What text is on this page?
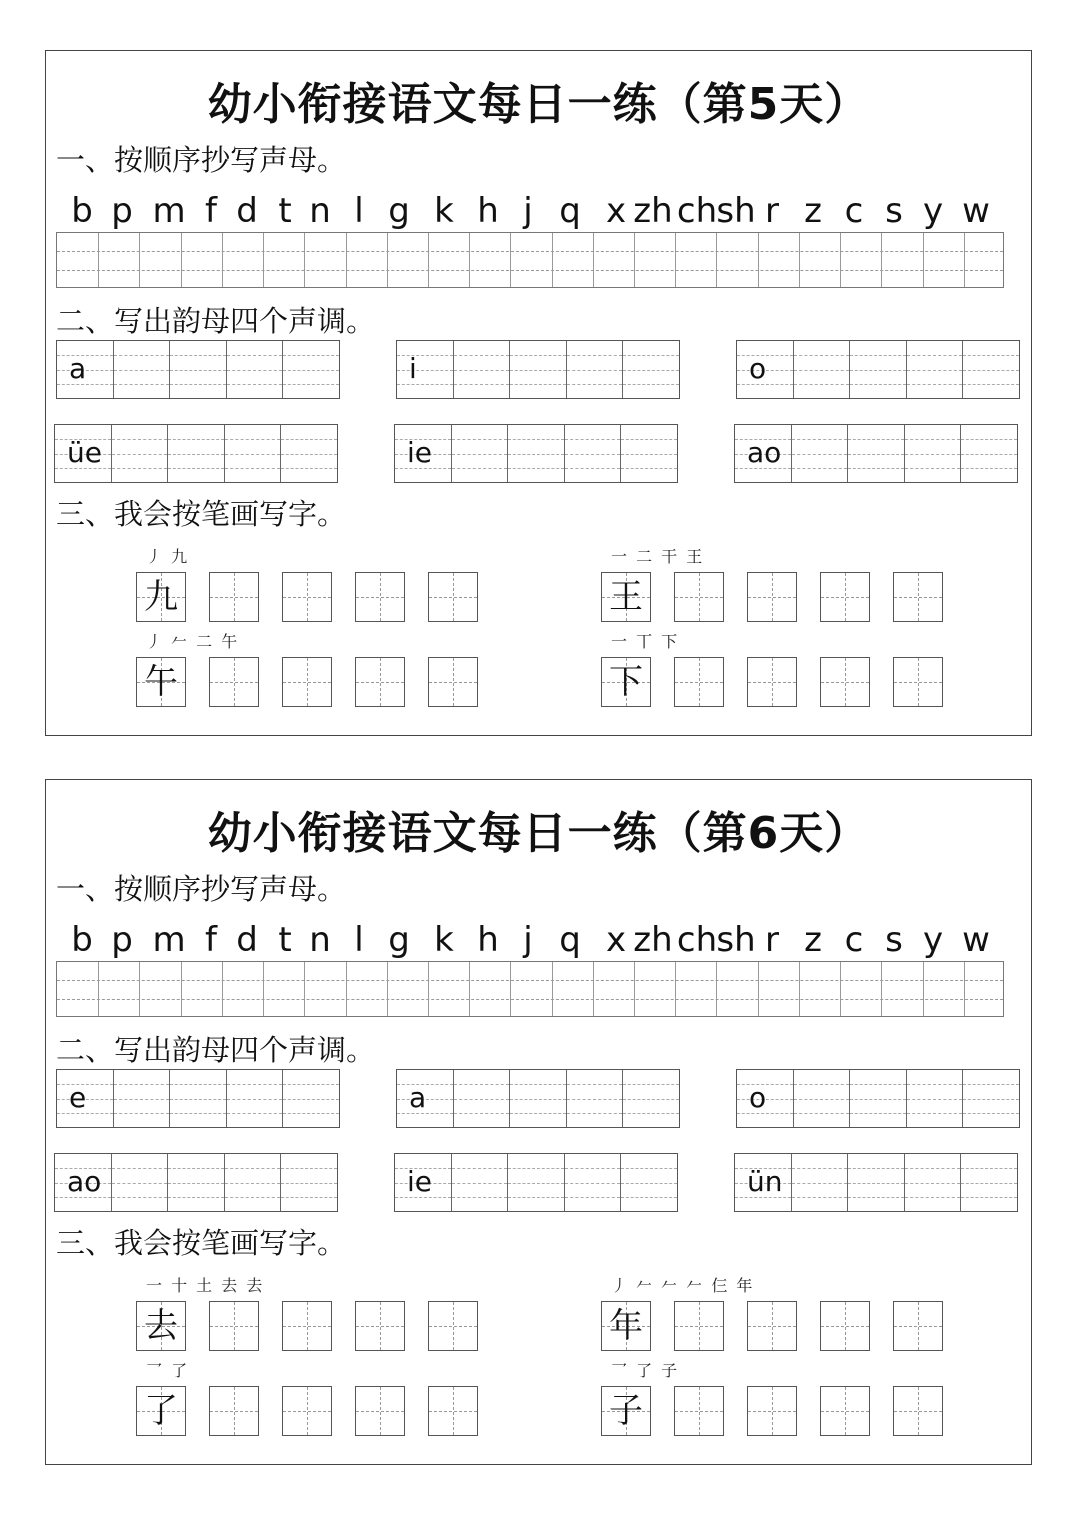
幼小衔接语文每日一练（第5天）
一、按顺序抄写声母。
b p m f d t n l g k h j q x zh ch sh r z c s y w
二、写出韵母四个声调。
a	i	o
üe	ie	ao
三、我会按笔画写字。
丿 九
九
一 二 干 王
王
丿 𠂉 二 午
午
一 丅 下
下
幼小衔接语文每日一练（第6天）
一、按顺序抄写声母。
b p m f d t n l g k h j q x zh ch sh r z c s y w
二、写出韵母四个声调。
e	a	o
ao	ie	ün
三、我会按笔画写字。
一 十 土 去 去
去
丿 𠂉 𠂉 𠂉 仨 年
年
乛 了
了
乛 了 子
子
